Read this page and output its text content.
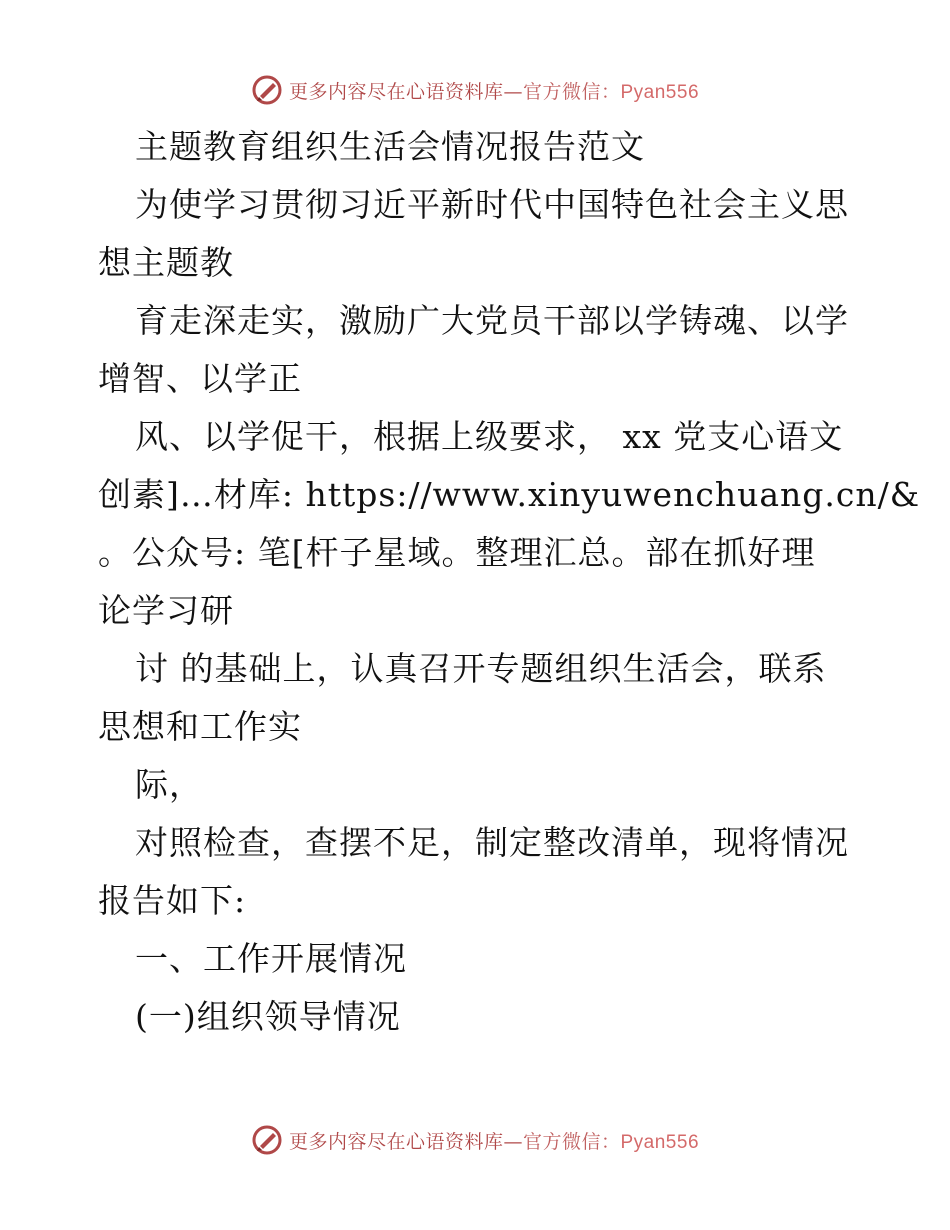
更多内容尽在心语资料库—官方微信：Pyan556
主题教育组织生活会情况报告范文
为使学习贯彻习近平新时代中国特色社会主义思
想主题教
育走深走实，激励广大党员干部以学铸魂、以学
增智、以学正
风、以学促干，根据上级要求， xx 党支心语文
创素]…材库: https://www.xinyuwenchuang.cn/&
。公众号: 笔[杆子星域。整理汇总。部在抓好理
论学习研
讨 的基础上，认真召开专题组织生活会，联系
思想和工作实
际，
对照检查，查摆不足，制定整改清单，现将情况
报告如下:
一、工作开展情况
(一)组织领导情况
更多内容尽在心语资料库—官方微信：Pyan556
